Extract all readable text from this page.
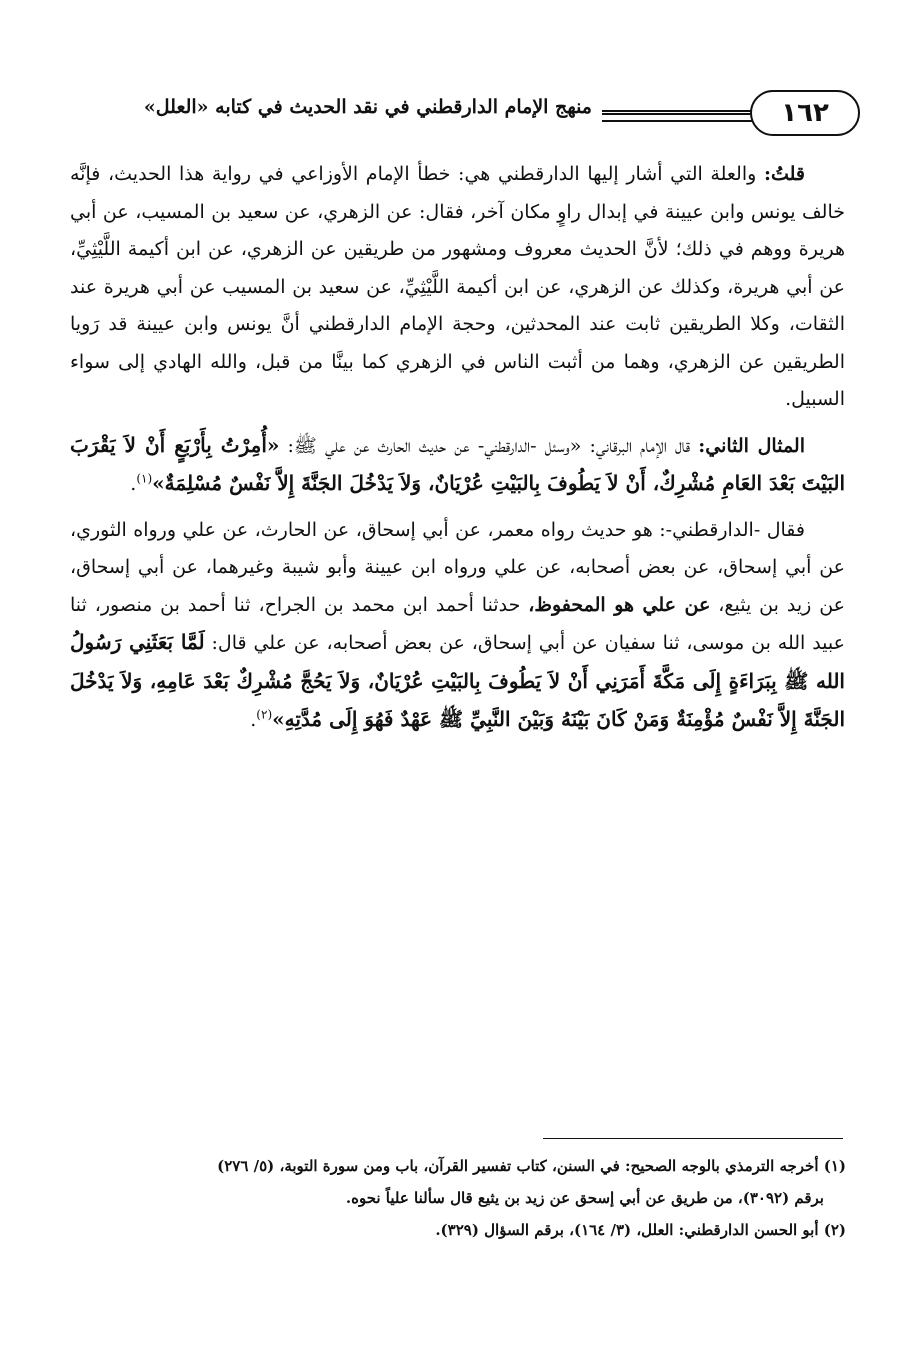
١٦٢
منهج الإمام الدارقطني في نقد الحديث في كتابه «العلل»

قلتُ: والعلة التي أشار إليها الدارقطني هي: خطأ الإمام الأوزاعي في رواية هذا الحديث، فإنَّه خالف يونس وابن عيينة في إبدال راوٍ مكان آخر، فقال: عن الزهري، عن سعيد بن المسيب، عن أبي هريرة ووهم في ذلك؛ لأنَّ الحديث معروف ومشهور من طريقين عن الزهري، عن ابن أكيمة اللَّيْثِيِّ، عن أبي هريرة، وكذلك عن الزهري، عن ابن أكيمة اللَّيْثِيِّ، عن سعيد بن المسيب عن أبي هريرة عند الثقات، وكلا الطريقين ثابت عند المحدثين، وحجة الإمام الدارقطني أنَّ يونس وابن عيينة قد رَويا الطريقين عن الزهري، وهما من أثبت الناس في الزهري كما بينَّا من قبل، والله الهادي إلى سواء السبيل.

المثال الثاني: قال الإمام البرقاني: «وسئل -الدارقطني- عن حديث الحارث عن علي ﷺ: «أُمِرْتُ بِأَرْبَعٍ أَنْ لاَ يَقْرَبَ البَيْتَ بَعْدَ العَامِ مُشْرِكٌ، أَنْ لاَ يَطُوفَ بِالبَيْتِ عُرْيَانٌ، وَلاَ يَدْخُلَ الجَنَّةَ إِلاَّ نَفْسٌ مُسْلِمَةٌ»$^{(١)}$.

فقال -الدارقطني-: هو حديث رواه معمر، عن أبي إسحاق، عن الحارث، عن علي ورواه الثوري، عن أبي إسحاق، عن بعض أصحابه، عن علي ورواه ابن عيينة وأبو شيبة وغيرهما، عن أبي إسحاق، عن زيد بن يثيع، عن علي هو المحفوظ، حدثنا أحمد ابن محمد بن الجراح، ثنا أحمد بن منصور، ثنا عبيد الله بن موسى، ثنا سفيان عن أبي إسحاق، عن بعض أصحابه، عن علي قال: لَمَّا بَعَثَنِي رَسُولُ الله ﷺ بِبَرَاءَةٍ إِلَى مَكَّةَ أَمَرَنِي أَنْ لاَ يَطُوفَ بِالبَيْتِ عُرْيَانٌ، وَلاَ يَحُجَّ مُشْرِكٌ بَعْدَ عَامِهِ، وَلاَ يَدْخُلَ الجَنَّةَ إِلاَّ نَفْسٌ مُؤْمِنَةٌ وَمَنْ كَانَ بَيْنَهُ وَبَيْنَ النَّبِيِّ ﷺ عَهْدٌ فَهُوَ إِلَى مُدَّتِهِ»$^{(٢)}$.

(١) أخرجه الترمذي بالوجه الصحيح: في السنن، كتاب تفسير القرآن، باب ومن سورة التوبة، (٥/ ٢٧٦)

برقم (٣٠٩٢)، من طريق عن أبي إسحق عن زيد بن يثيع قال سألنا علياً نحوه.

(٢) أبو الحسن الدارقطني: العلل، (٣/ ١٦٤)، برقم السؤال (٣٢٩).
